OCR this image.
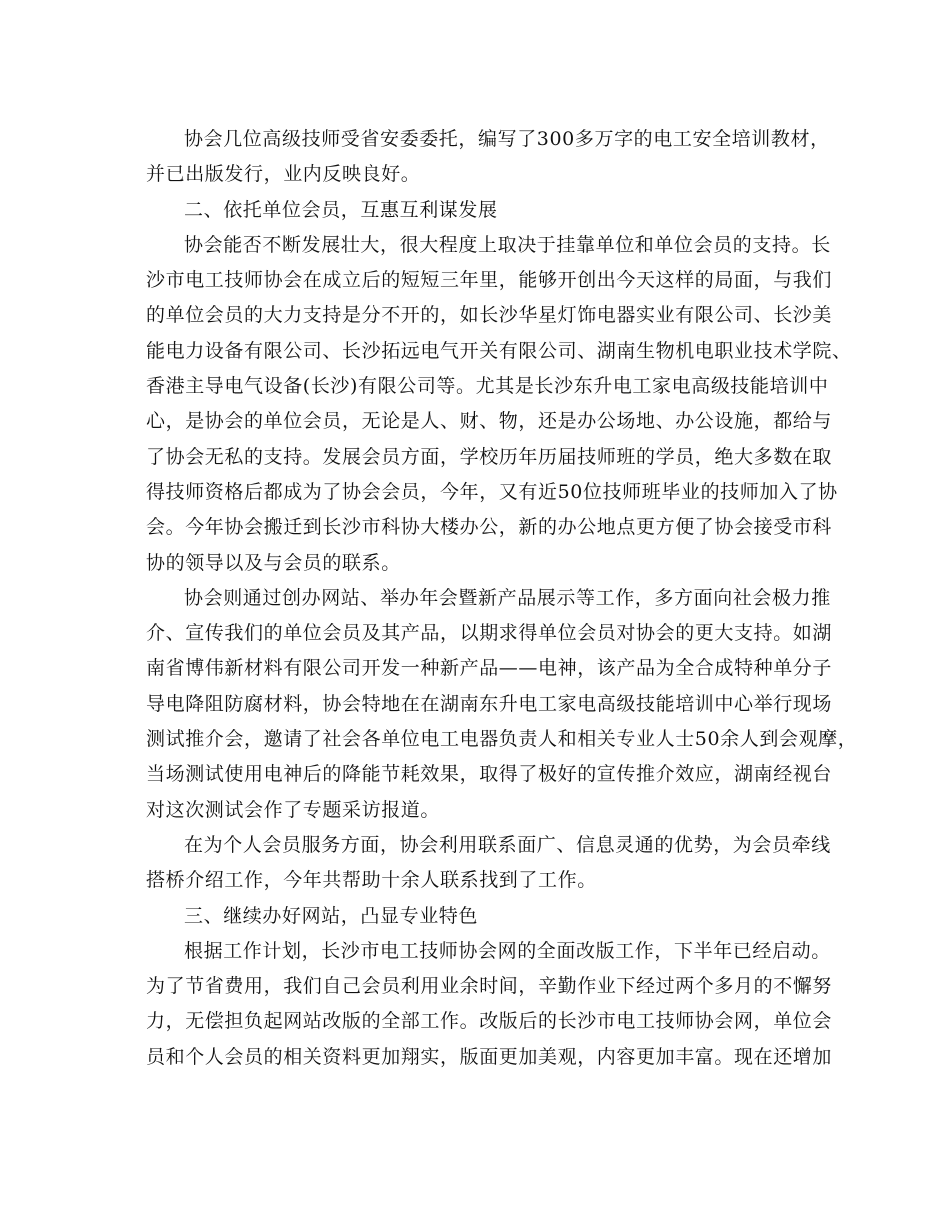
协会几位高级技师受省安委委托，编写了300多万字的电工安全培训教材，
并已出版发行，业内反映良好。
二、依托单位会员，互惠互利谋发展
协会能否不断发展壮大，很大程度上取决于挂靠单位和单位会员的支持。长
沙市电工技师协会在成立后的短短三年里，能够开创出今天这样的局面，与我们
的单位会员的大力支持是分不开的，如长沙华星灯饰电器实业有限公司、长沙美
能电力设备有限公司、长沙拓远电气开关有限公司、湖南生物机电职业技术学院、
香港主导电气设备(长沙)有限公司等。尤其是长沙东升电工家电高级技能培训中
心，是协会的单位会员，无论是人、财、物，还是办公场地、办公设施，都给与
了协会无私的支持。发展会员方面，学校历年历届技师班的学员，绝大多数在取
得技师资格后都成为了协会会员，今年，又有近50位技师班毕业的技师加入了协
会。今年协会搬迁到长沙市科协大楼办公，新的办公地点更方便了协会接受市科
协的领导以及与会员的联系。
协会则通过创办网站、举办年会暨新产品展示等工作，多方面向社会极力推
介、宣传我们的单位会员及其产品，以期求得单位会员对协会的更大支持。如湖
南省博伟新材料有限公司开发一种新产品——电神，该产品为全合成特种单分子
导电降阻防腐材料，协会特地在在湖南东升电工家电高级技能培训中心举行现场
测试推介会，邀请了社会各单位电工电器负责人和相关专业人士50余人到会观摩，
当场测试使用电神后的降能节耗效果，取得了极好的宣传推介效应，湖南经视台
对这次测试会作了专题采访报道。
在为个人会员服务方面，协会利用联系面广、信息灵通的优势，为会员牵线
搭桥介绍工作，今年共帮助十余人联系找到了工作。
三、继续办好网站，凸显专业特色
根据工作计划，长沙市电工技师协会网的全面改版工作，下半年已经启动。
为了节省费用，我们自己会员利用业余时间，辛勤作业下经过两个多月的不懈努
力，无偿担负起网站改版的全部工作。改版后的长沙市电工技师协会网，单位会
员和个人会员的相关资料更加翔实，版面更加美观，内容更加丰富。现在还增加
